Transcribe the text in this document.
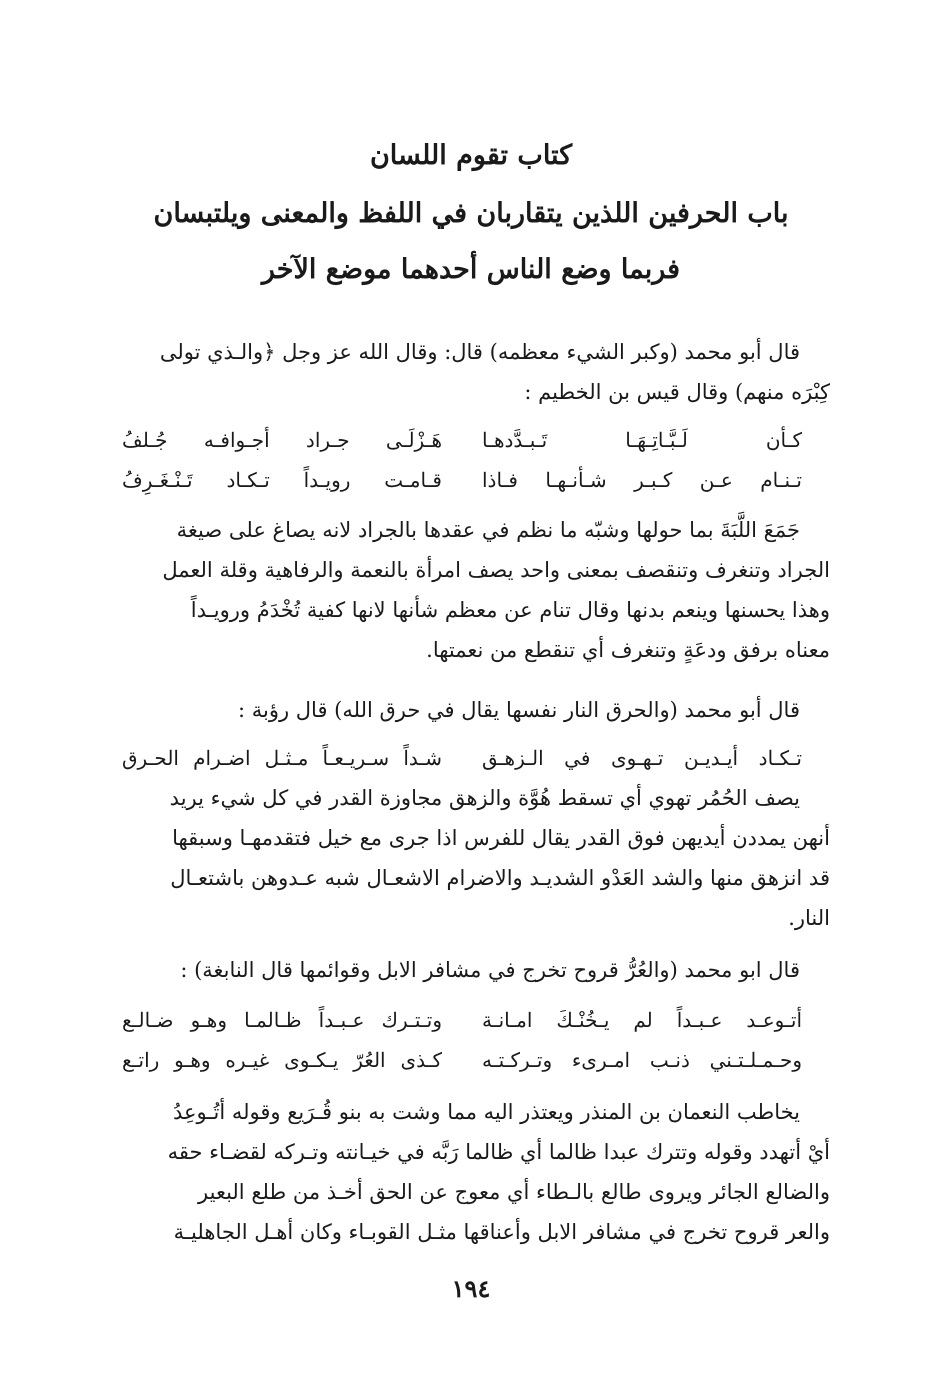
كتاب تقوم اللسان
باب الحرفين اللذين يتقاربان في اللفظ والمعنى ويلتبسان
فربما وضع الناس أحدهما موضع الآخر

قال أبو محمد (وكبر الشيء معظمه) قال: وقال الله عز وجل ﴿والـذي تولى

كِبْرَه منهم) وقال قيس بن الخطيم :

كـأن لَـبَّـاتِـهَـا تَـبـدَّدهـا
هَـزْلَـى جـراد أجـوافـه جُـلفُ
تـنـام عـن كـبـر شـأنـهـا فـاذا
قـامـت رويـداً تـكـاد تَـنْـغَـرِفُ

جَمَعَ اللَّبَةَ بما حولها وشبّه ما نظم في عقدها بالجراد لانه يصاغ على صيغة

الجراد وتنغرف وتنقصف بمعنى واحد يصف امرأة بالنعمة والرفاهية وقلة العمل

وهذا يحسنها وينعم بدنها وقال تنام عن معظم شأنها لانها كفية تُخْدَمُ ورويـداً

معناه برفق ودعَةٍ وتنغرف أي تنقطع من نعمتها.

قال أبو محمد (والحرق النار نفسها يقال في حرق الله) قال رؤبة :

تـكـاد أيـديـن تـهـوى في الـزهـق
شـداً سـريـعـاً مـثـل اضـرام الحـرق

يصف الحُمُر تهوي أي تسقط هُوَّة والزهق مجاوزة القدر في كل شيء يريد

أنهن يمددن أيديهن فوق القدر يقال للفرس اذا جرى مع خيل فتقدمهـا وسبقها

قد انزهق منها والشد العَدْو الشديـد والاضرام الاشعـال شبه عـدوهن باشتعـال

النار.

قال ابو محمد (والعُرُّ قروح تخرج في مشافر الابل وقوائمها قال النابغة) :

أتـوعـد عـبـداً لم يـخُنْـكَ امـانـة
وتـتـرك عـبـداً ظـالمـا وهـو ضـالـع
وحـمـلـتـني ذنـب امـرىء وتـركـتـه
كـذى العُرّ يـكـوى غيـره وهـو راتـع

يخاطب النعمان بن المنذر ويعتذر اليه مما وشت به بنو قُـرَيع وقوله أتُـوعِدُ

أيْ أتهدد وقوله وتترك عبدا ظالما أي ظالما رَبَّه في خيـانته وتـركه لقضـاء حقه

والضالع الجائر ويروى طالع بالـطاء أي معوج عن الحق أخـذ من طلع البعير

والعر قروح تخرج في مشافر الابل وأعناقها مثـل القوبـاء وكان أهـل الجاهليـة

١٩٤
